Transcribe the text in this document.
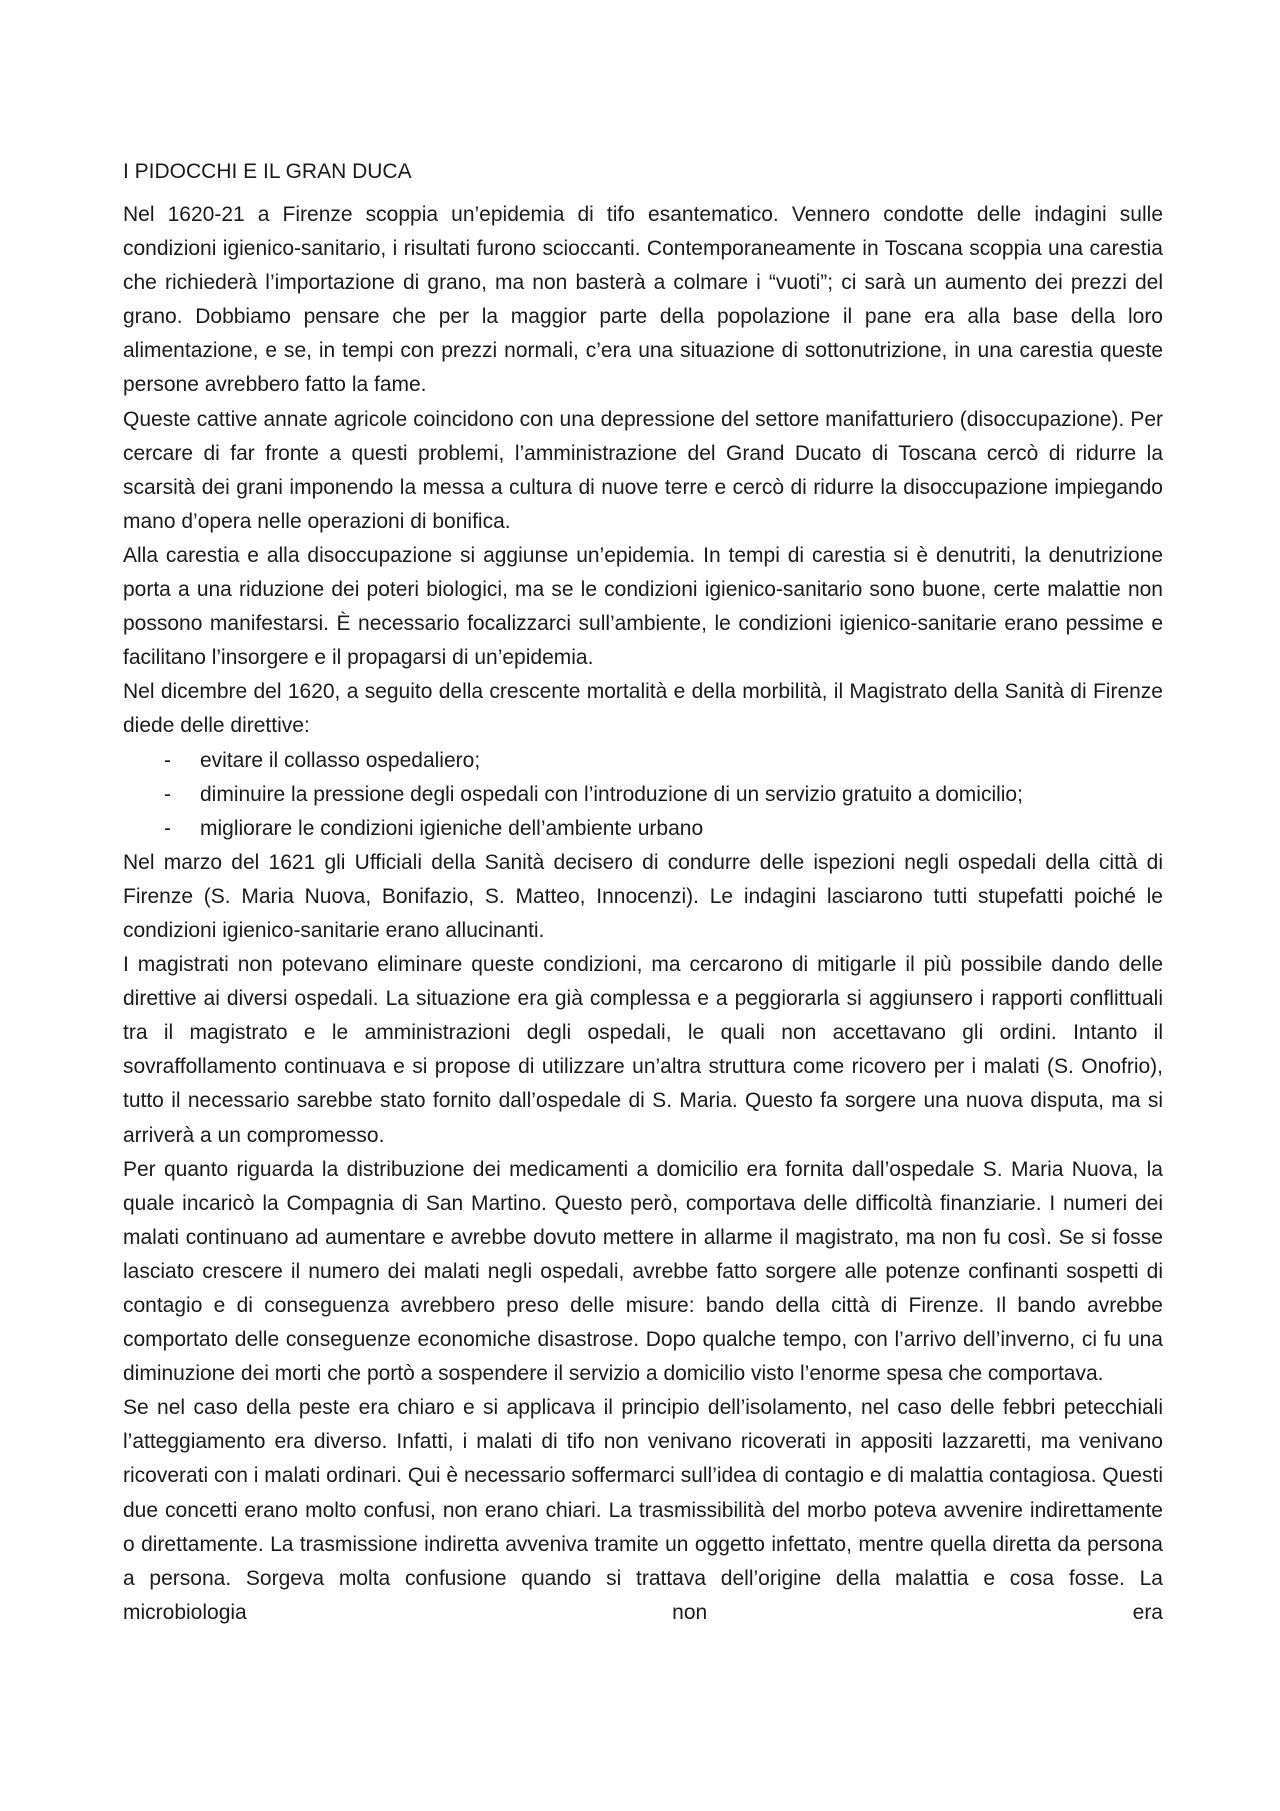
I PIDOCCHI E IL GRAN DUCA

Nel 1620-21 a Firenze scoppia un’epidemia di tifo esantematico. Vennero condotte delle indagini sulle condizioni igienico-sanitario, i risultati furono scioccanti. Contemporaneamente in Toscana scoppia una carestia che richiederà l’importazione di grano, ma non basterà a colmare i “vuoti”; ci sarà un aumento dei prezzi del grano. Dobbiamo pensare che per la maggior parte della popolazione il pane era alla base della loro alimentazione, e se, in tempi con prezzi normali, c’era una situazione di sottonutrizione, in una carestia queste persone avrebbero fatto la fame.

Queste cattive annate agricole coincidono con una depressione del settore manifatturiero (disoccupazione). Per cercare di far fronte a questi problemi, l’amministrazione del Grand Ducato di Toscana cercò di ridurre la scarsità dei grani imponendo la messa a cultura di nuove terre e cercò di ridurre la disoccupazione impiegando mano d’opera nelle operazioni di bonifica.

Alla carestia e alla disoccupazione si aggiunse un’epidemia. In tempi di carestia si è denutriti, la denutrizione porta a una riduzione dei poteri biologici, ma se le condizioni igienico-sanitario sono buone, certe malattie non possono manifestarsi. È necessario focalizzarci sull’ambiente, le condizioni igienico-sanitarie erano pessime e facilitano l’insorgere e il propagarsi di un’epidemia.

Nel dicembre del 1620, a seguito della crescente mortalità e della morbilità, il Magistrato della Sanità di Firenze diede delle direttive:

- evitare il collasso ospedaliero;
- diminuire la pressione degli ospedali con l’introduzione di un servizio gratuito a domicilio;
- migliorare le condizioni igieniche dell’ambiente urbano

Nel marzo del 1621 gli Ufficiali della Sanità decisero di condurre delle ispezioni negli ospedali della città di Firenze (S. Maria Nuova, Bonifazio, S. Matteo, Innocenzi). Le indagini lasciarono tutti stupefatti poiché le condizioni igienico-sanitarie erano allucinanti.

I magistrati non potevano eliminare queste condizioni, ma cercarono di mitigarle il più possibile dando delle direttive ai diversi ospedali. La situazione era già complessa e a peggiorarla si aggiunsero i rapporti conflittuali tra il magistrato e le amministrazioni degli ospedali, le quali non accettavano gli ordini. Intanto il sovraffollamento continuava e si propose di utilizzare un’altra struttura come ricovero per i malati (S. Onofrio), tutto il necessario sarebbe stato fornito dall’ospedale di S. Maria. Questo fa sorgere una nuova disputa, ma si arriverà a un compromesso.

Per quanto riguarda la distribuzione dei medicamenti a domicilio era fornita dall’ospedale S. Maria Nuova, la quale incaricò la Compagnia di San Martino. Questo però, comportava delle difficoltà finanziarie. I numeri dei malati continuano ad aumentare e avrebbe dovuto mettere in allarme il magistrato, ma non fu così. Se si fosse lasciato crescere il numero dei malati negli ospedali, avrebbe fatto sorgere alle potenze confinanti sospetti di contagio e di conseguenza avrebbero preso delle misure: bando della città di Firenze. Il bando avrebbe comportato delle conseguenze economiche disastrose. Dopo qualche tempo, con l’arrivo dell’inverno, ci fu una diminuzione dei morti che portò a sospendere il servizio a domicilio visto l’enorme spesa che comportava.

Se nel caso della peste era chiaro e si applicava il principio dell’isolamento, nel caso delle febbri petecchiali l’atteggiamento era diverso. Infatti, i malati di tifo non venivano ricoverati in appositi lazzaretti, ma venivano ricoverati con i malati ordinari. Qui è necessario soffermarci sull’idea di contagio e di malattia contagiosa. Questi due concetti erano molto confusi, non erano chiari. La trasmissibilità del morbo poteva avvenire indirettamente o direttamente. La trasmissione indiretta avveniva tramite un oggetto infettato, mentre quella diretta da persona a persona. Sorgeva molta confusione quando si trattava dell’origine della malattia e cosa fosse. La microbiologia non era
